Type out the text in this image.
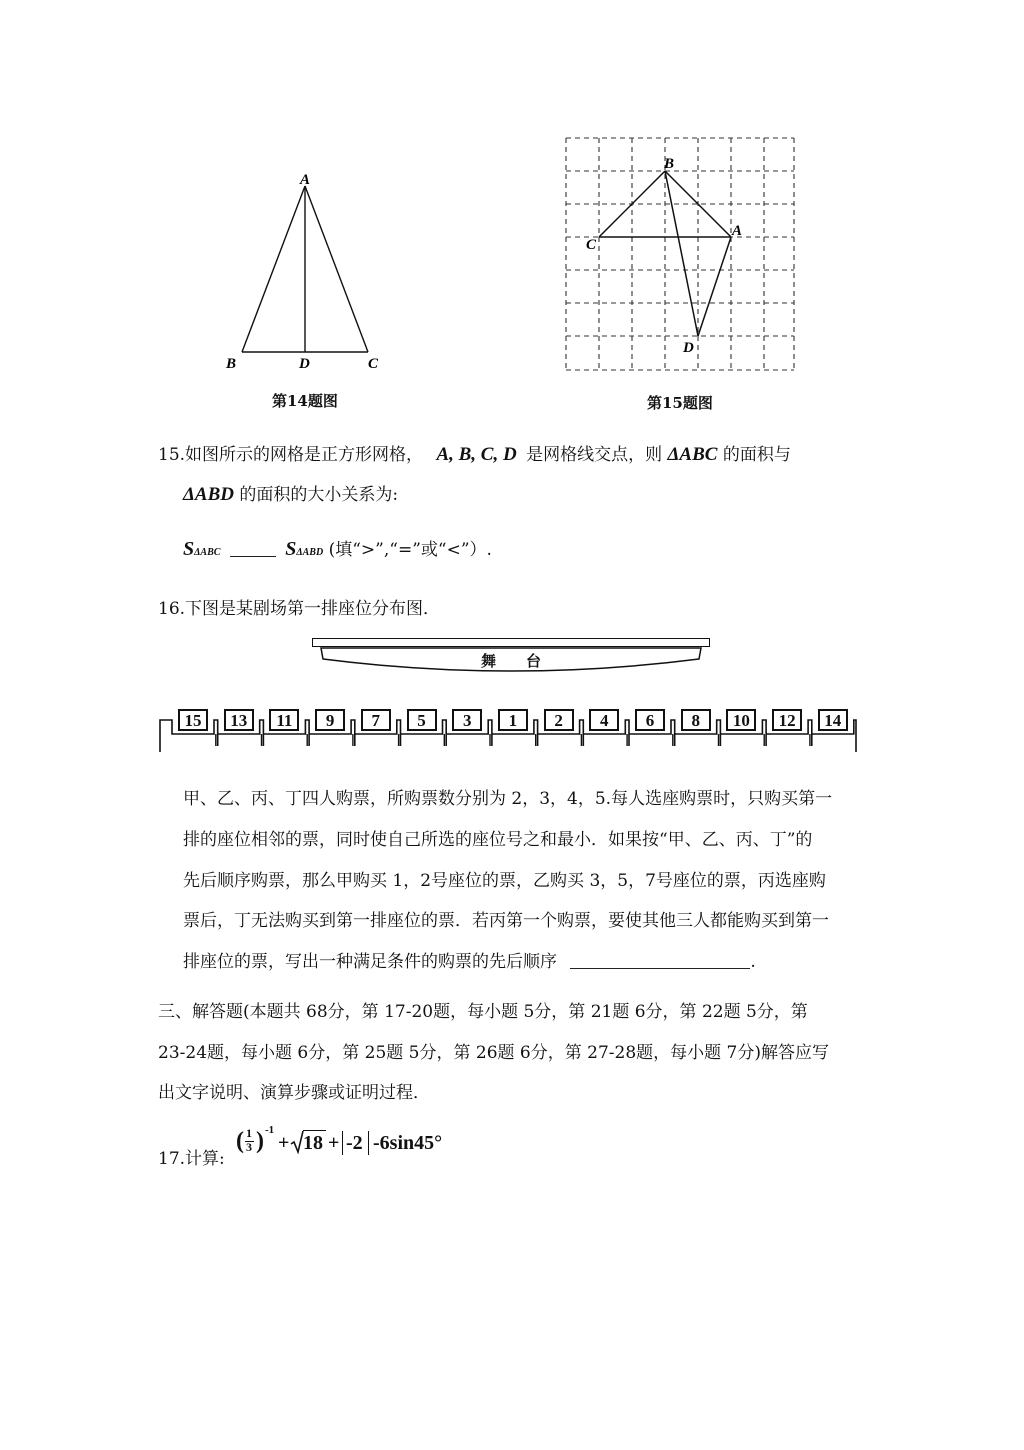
A
B	D	C
第14题图
B
C
A
D
第15题图
15.如图所示的网格是正方形网格， A, B, C, D 是网格线交点，则 ΔABC 的面积与
ΔABD 的面积的大小关系为:
SΔABC	SΔABD (填“>”,“=”或“<”）.
16.下图是某剧场第一排座位分布图．
舞　　台
15	13	11	9	7	5	3	1	2	4	6	8	10	12	14
甲、乙、丙、丁四人购票，所购票数分别为 2，3，4，5.每人选座购票时，只购买第一
排的座位相邻的票，同时使自己所选的座位号之和最小．如果按“甲、乙、丙、丁”的
先后顺序购票，那么甲购买 1，2号座位的票，乙购买 3，5，7号座位的票，丙选座购
票后，丁无法购买到第一排座位的票．若丙第一个购票，要使其他三人都能购买到第一
排座位的票，写出一种满足条件的购票的先后顺序	.
三、解答题(本题共 68分，第 17-20题，每小题 5分，第 21题 6分，第 22题 5分，第
23-24题，每小题 6分，第 25题 5分，第 26题 6分，第 27-28题，每小题 7分)解答应写
出文字说明、演算步骤或证明过程．
17.计算:
( 1
3 ) -1
+ 18 + -2 -6sin45°
